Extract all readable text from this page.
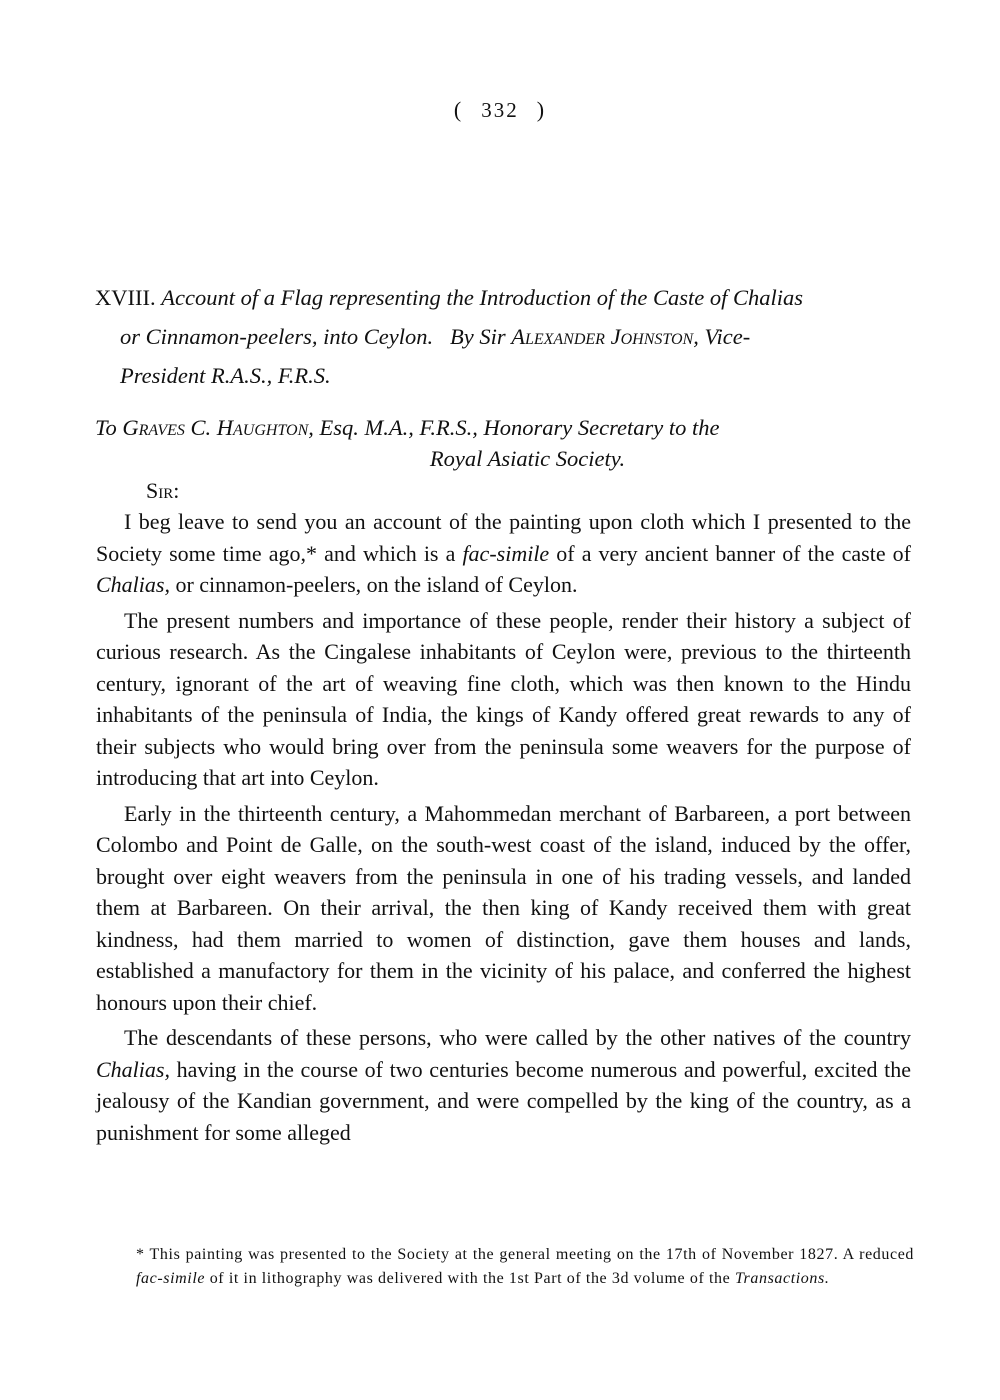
( 332 )
XVIII. Account of a Flag representing the Introduction of the Caste of Chalias
or Cinnamon-peelers, into Ceylon. By Sir Alexander Johnston, Vice-
President R.A.S., F.R.S.
To Graves C. Haughton, Esq. M.A., F.R.S., Honorary Secretary to the
Royal Asiatic Society.
Sir:

I beg leave to send you an account of the painting upon cloth which I presented to the Society some time ago,* and which is a fac-simile of a very ancient banner of the caste of Chalias, or cinnamon-peelers, on the island of Ceylon.

The present numbers and importance of these people, render their history a subject of curious research. As the Cingalese inhabitants of Ceylon were, previous to the thirteenth century, ignorant of the art of weaving fine cloth, which was then known to the Hindu inhabitants of the peninsula of India, the kings of Kandy offered great rewards to any of their subjects who would bring over from the peninsula some weavers for the purpose of introducing that art into Ceylon.

Early in the thirteenth century, a Mahommedan merchant of Barbareen, a port between Colombo and Point de Galle, on the south-west coast of the island, induced by the offer, brought over eight weavers from the peninsula in one of his trading vessels, and landed them at Barbareen. On their arrival, the then king of Kandy received them with great kindness, had them married to women of distinction, gave them houses and lands, established a manufactory for them in the vicinity of his palace, and conferred the highest honours upon their chief.

The descendants of these persons, who were called by the other natives of the country Chalias, having in the course of two centuries become numerous and powerful, excited the jealousy of the Kandian government, and were compelled by the king of the country, as a punishment for some alleged

* This painting was presented to the Society at the general meeting on the 17th of November 1827. A reduced fac-simile of it in lithography was delivered with the 1st Part of the 3d volume of the Transactions.
